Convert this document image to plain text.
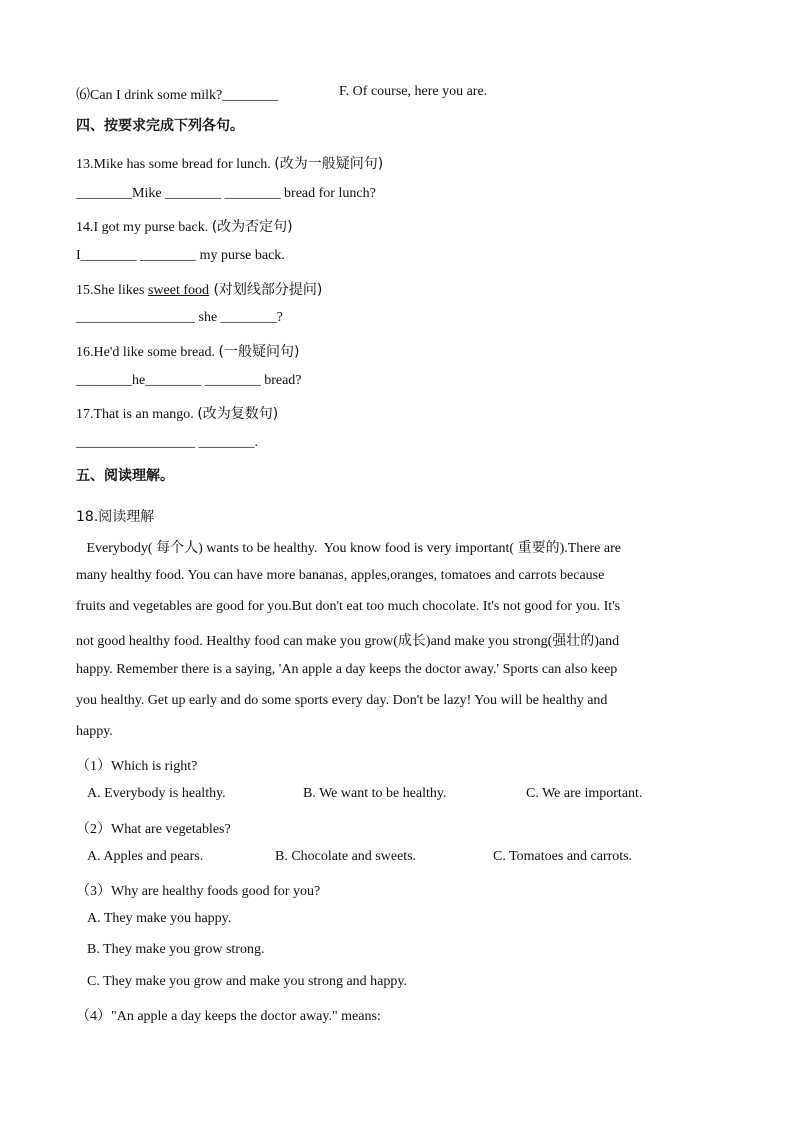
⑹Can I drink some milk?________	F. Of course, here you are.
四、按要求完成下列各句。
13.Mike has some bread for lunch. (改为一般疑问句)
________Mike ________ ________ bread for lunch?
14.I got my purse back. (改为否定句)
I________ ________ my purse back.
15.She likes sweet food (对划线部分提问)
_________________ she ________?
16.He'd like some bread. (一般疑问句)
________he________ ________ bread?
17.That is an mango. (改为复数句)
_________________ ________.
五、阅读理解。
18.阅读理解
Everybody( 每个人) wants to be healthy.  You know food is very important( 重要的).There are
many healthy food. You can have more bananas, apples,oranges, tomatoes and carrots because
fruits and vegetables are good for you.But don't eat too much chocolate. It's not good for you. It's
not good healthy food. Healthy food can make you grow(成长)and make you strong(强壮的)and
happy. Remember there is a saying, 'An apple a day keeps the doctor away.' Sports can also keep
you healthy. Get up early and do some sports every day. Don't be lazy! You will be healthy and
happy.
（1）Which is right?
A. Everybody is healthy.	B. We want to be healthy.	C. We are important.
（2）What are vegetables?
A. Apples and pears.	B. Chocolate and sweets.	C. Tomatoes and carrots.
（3）Why are healthy foods good for you?
A. They make you happy.
B. They make you grow strong.
C. They make you grow and make you strong and happy.
（4）"An apple a day keeps the doctor away." means:
